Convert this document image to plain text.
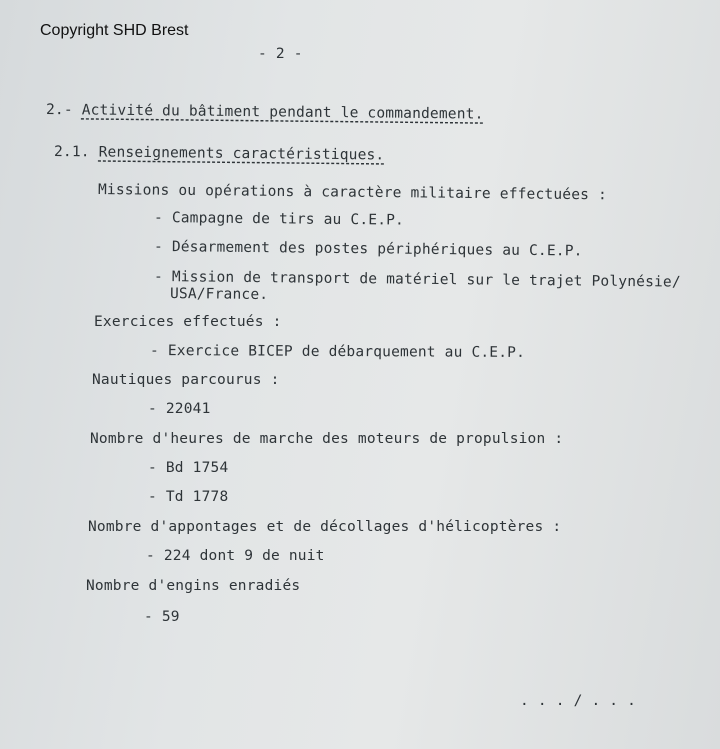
Copyright SHD Brest
- 2 -
2.- Activité du bâtiment pendant le commandement.
2.1. Renseignements caractéristiques.
Missions ou opérations à caractère militaire effectuées :
- Campagne de tirs au C.E.P.
- Désarmement des postes périphériques au C.E.P.
- Mission de transport de matériel sur le trajet Polynésie/
USA/France.
Exercices effectués :
- Exercice BICEP de débarquement au C.E.P.
Nautiques parcourus :
- 22041
Nombre d'heures de marche des moteurs de propulsion :
- Bd 1754
- Td 1778
Nombre d'appontages et de décollages d'hélicoptères :
- 224 dont 9 de nuit
Nombre d'engins enradiés
- 59
. . . / . . .
